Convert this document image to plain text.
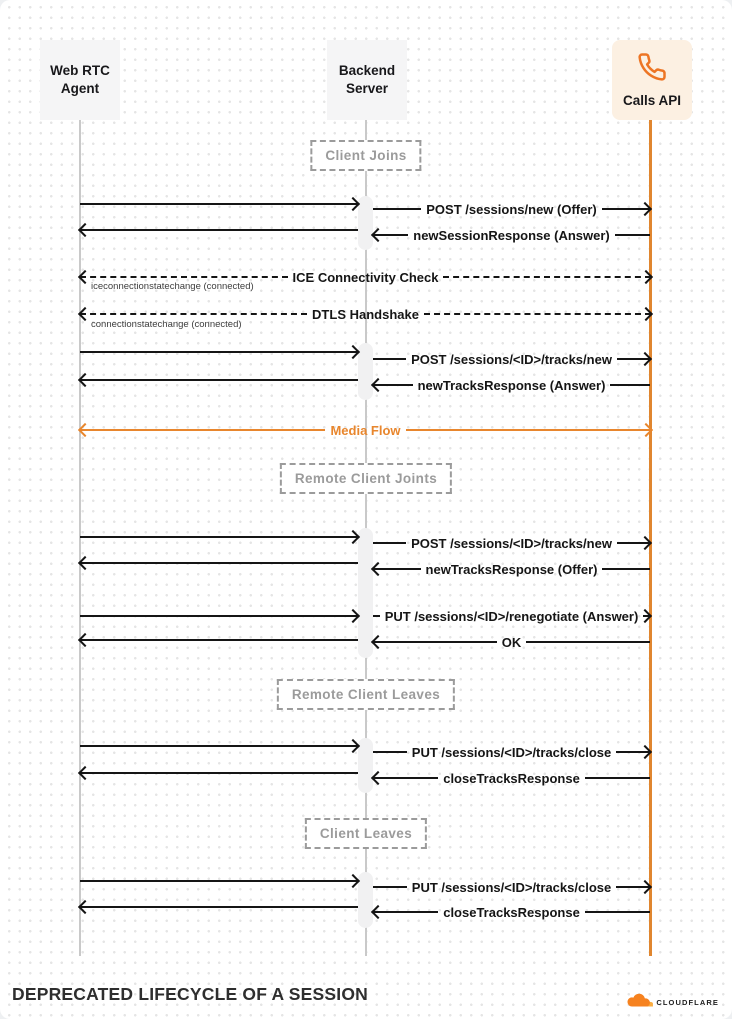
Web RTC Agent
Backend Server
Calls API
Client Joins
Remote Client Joints
Remote Client Leaves
Client Leaves
POST /sessions/new (Offer)
newSessionResponse (Answer)
ICE Connectivity Check
iceconnectionstatechange (connected)
DTLS Handshake
connectionstatechange (connected)
POST /sessions/<ID>/tracks/new
newTracksResponse (Answer)
Media Flow
POST /sessions/<ID>/tracks/new
newTracksResponse (Offer)
PUT /sessions/<ID>/renegotiate (Answer)
OK
PUT /sessions/<ID>/tracks/close
closeTracksResponse
PUT /sessions/<ID>/tracks/close
closeTracksResponse
DEPRECATED LIFECYCLE OF A SESSION	CLOUDFLARE
